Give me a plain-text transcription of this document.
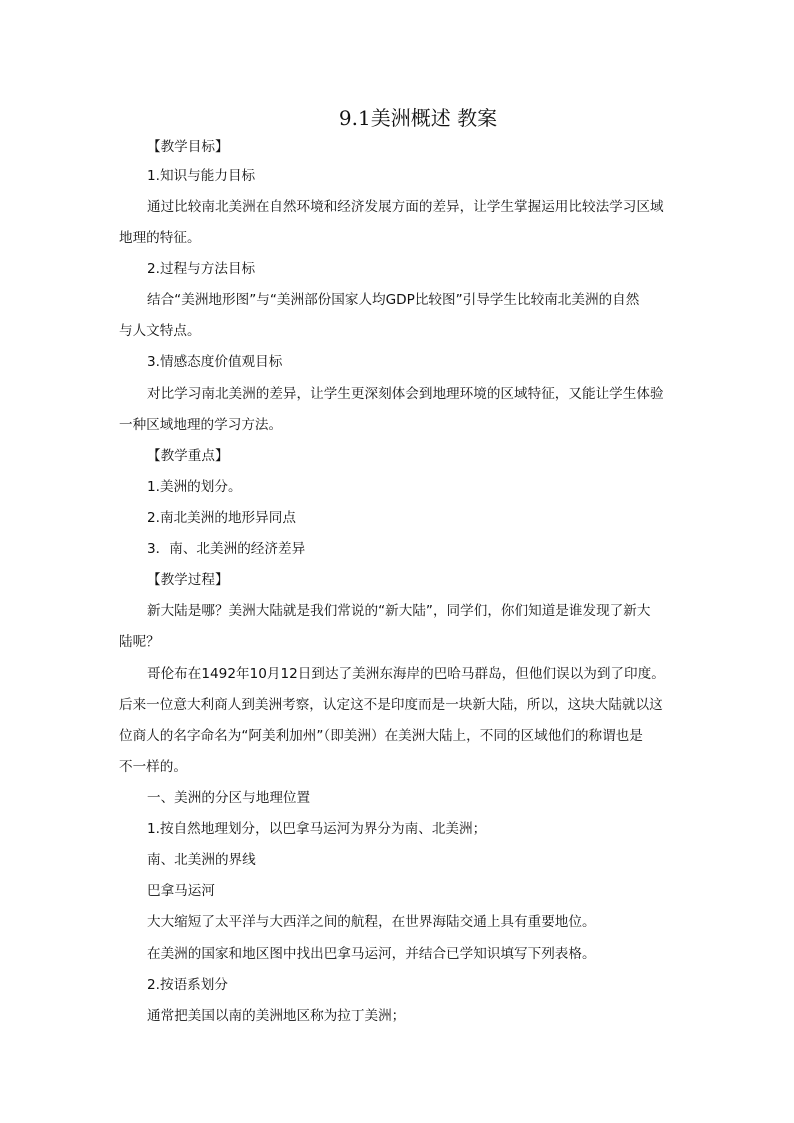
9.1美洲概述 教案
【教学目标】
1.知识与能力目标
通过比较南北美洲在自然环境和经济发展方面的差异，让学生掌握运用比较法学习区域
地理的特征。
2.过程与方法目标
结合“美洲地形图”与“美洲部份国家人均GDP比较图”引导学生比较南北美洲的自然
与人文特点。
3.情感态度价值观目标
对比学习南北美洲的差异，让学生更深刻体会到地理环境的区域特征，又能让学生体验
一种区域地理的学习方法。
【教学重点】
1.美洲的划分。
2.南北美洲的地形异同点
3．南、北美洲的经济差异
【教学过程】
新大陆是哪？美洲大陆就是我们常说的“新大陆”，同学们，你们知道是谁发现了新大
陆呢？
哥伦布在1492年10月12日到达了美洲东海岸的巴哈马群岛，但他们误以为到了印度。
后来一位意大利商人到美洲考察，认定这不是印度而是一块新大陆，所以，这块大陆就以这
位商人的名字命名为“阿美利加州”（即美洲）在美洲大陆上，不同的区域他们的称谓也是
不一样的。
一、美洲的分区与地理位置
1.按自然地理划分，以巴拿马运河为界分为南、北美洲；
南、北美洲的界线
巴拿马运河
大大缩短了太平洋与大西洋之间的航程，在世界海陆交通上具有重要地位。
在美洲的国家和地区图中找出巴拿马运河，并结合已学知识填写下列表格。
2.按语系划分
通常把美国以南的美洲地区称为拉丁美洲；
